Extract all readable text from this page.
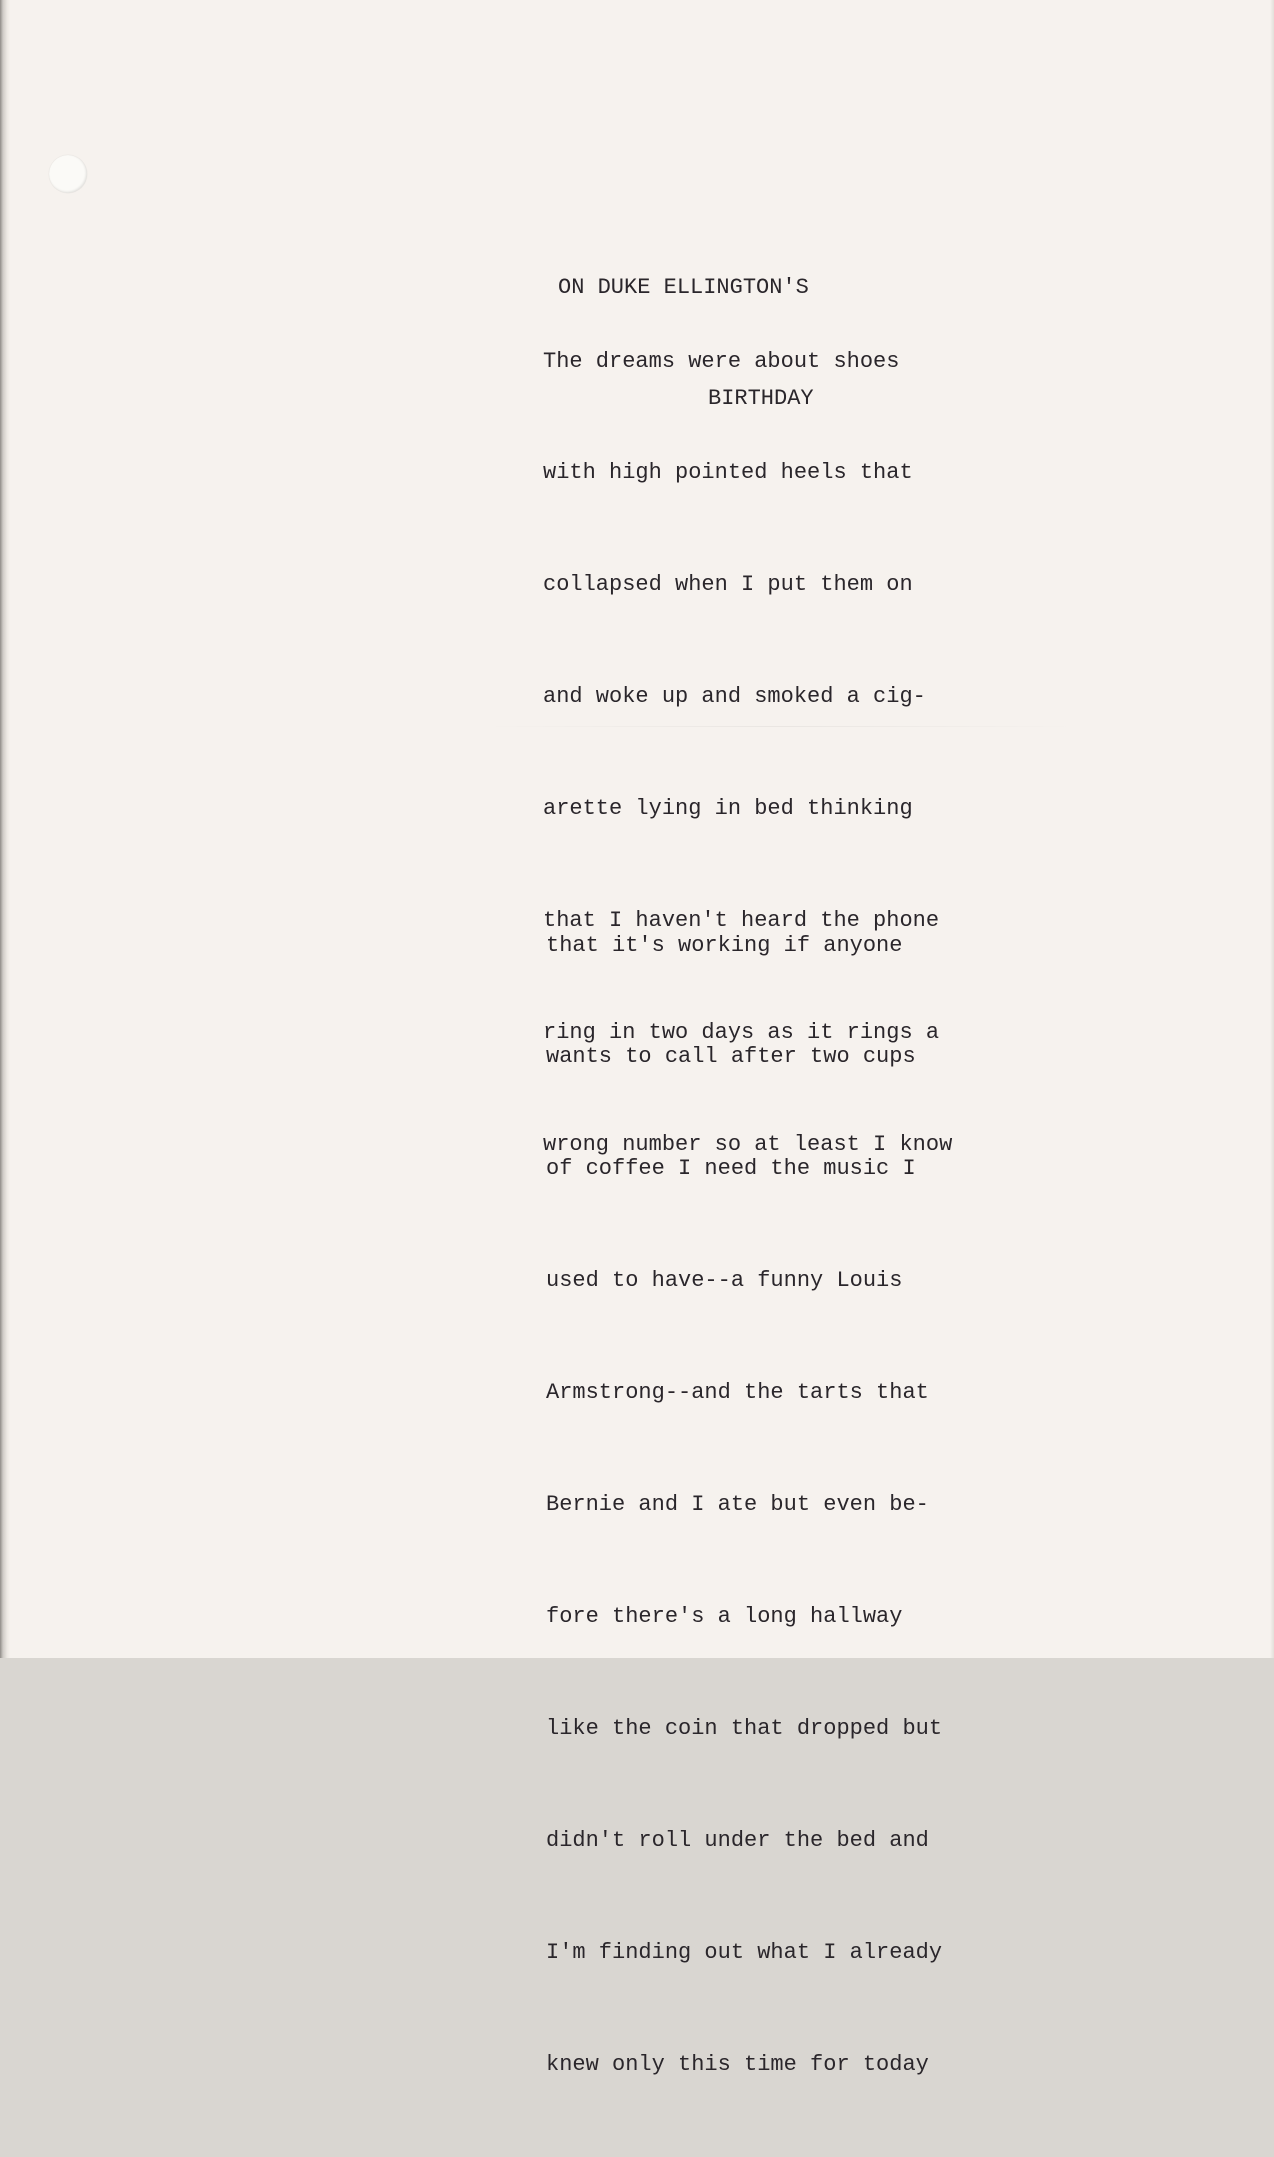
ON DUKE ELLINGTON'S

BIRTHDAY

The dreams were about shoes

with high pointed heels that

collapsed when I put them on

and woke up and smoked a cig-

arette lying in bed thinking

that I haven't heard the phone

ring in two days as it rings a

wrong number so at least I know

that it's working if anyone

wants to call after two cups

of coffee I need the music I

used to have--a funny Louis

Armstrong--and the tarts that

Bernie and I ate but even be-

fore there's a long hallway

like the coin that dropped but

didn't roll under the bed and

I'm finding out what I already

knew only this time for today
